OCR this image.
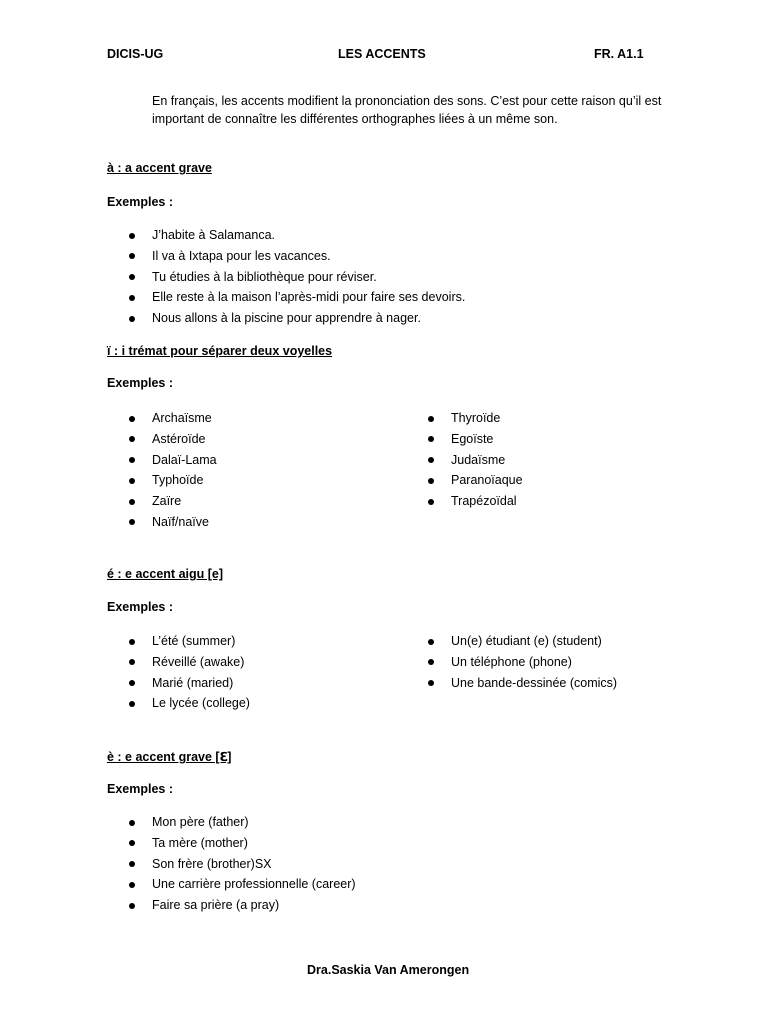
DICIS-UG	LES ACCENTS	FR. A1.1
En français, les accents modifient la prononciation des sons. C’est pour cette raison qu’il est important de connaître les différentes orthographes liées à un même son.
à : a accent grave
Exemples :
J’habite à Salamanca.
Il va à Ixtapa pour les vacances.
Tu étudies à la bibliothèque pour réviser.
Elle reste à la maison l’après-midi pour faire ses devoirs.
Nous allons à la piscine pour apprendre à nager.
ï : i trémat pour séparer deux voyelles
Exemples :
Archaïsme
Astéroïde
Dalaï-Lama
Typhoïde
Zaïre
Naïf/naïve
Thyroïde
Egoïste
Judaïsme
Paranoïaque
Trapézoïdal
é : e accent aigu [e]
Exemples :
L’été (summer)
Réveillé (awake)
Marié (maried)
Le lycée (college)
Un(e) étudiant (e) (student)
Un téléphone (phone)
Une bande-dessinée (comics)
è : e accent grave [ℇ]
Exemples :
Mon père (father)
Ta mère (mother)
Son frère (brother)SX
Une carrière professionnelle (career)
Faire sa prière (a pray)
Dra.Saskia Van Amerongen
